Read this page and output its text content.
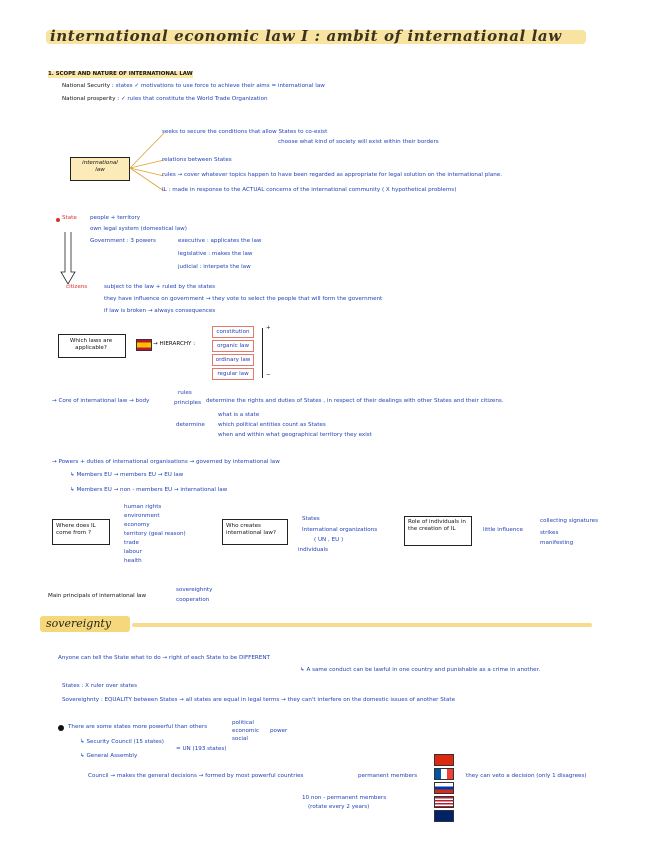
international economic law I : ambit of international law
1. SCOPE AND NATURE OF INTERNATIONAL LAW
National Security : states ✓ motivations to use force to achieve their aims = international law
National prosperity : ✓ rules that constitute the World Trade Organization
international law
seeks to secure the conditions that allow States to co-exist
choose what kind of society will exist within their borders
relations between States
rules → cover whatever topics happen to have been regarded as appropriate for legal solution on the international plane.
IL : made in response to the ACTUAL concerns of the international community ( X hypothetical problems)
State people + territory
own legal system (domestical law)
Government : 3 powers	executive : applicates the law
legislative : makes the law
judicial : interpets the law
citizens	subject to the law + ruled by the states
they have influence on government → they vote to select the people that will form the government
if law is broken → always consequences
Which laws are applicable?
→ HIERARCHY :
constitution
organic law
ordinary law
regular law
+
−
→ Core of international law → body
rules
principles determine the rights and duties of States , in respect of their dealings with other States and their citizens.
determine
what is a state
which political entities count as States
when and within what geographical territory they exist
→ Powers + duties of international organisations → governed by international law
↳ Members EU → members EU → EU law
↳ Members EU → non - members EU → international law
Where does IL come from ?
human rights
environment
economy
territory (geal reason)
trade
labour
health
Who creates international law?
States
International organizations
( UN , EU )
individuals
Role of individuals in the creation of IL	little influence
collecting signatures
strikes
manifesting
Main principals of international law
sovereighnty
cooperation
sovereignty
Anyone can tell the State what to do → right of each State to be DIFFERENT
↳ A same conduct can be lawful in one country and punishable as a crime in another.
States : X ruler over states
Sovereighnty : EQUALITY between States → all states are equal in legal terms → they can't interfere on the domestic issues of another State
There are some states more powerful than others
political
economic
social
power
↳ Security Council (15 states)
= UN (193 states)
↳ General Assembly
Council → makes the general decisions → formed by most powerful countries	permanent members	they can veto a decision (only 1 disagrees)
10 non - permanent members
(rotate every 2 years)
